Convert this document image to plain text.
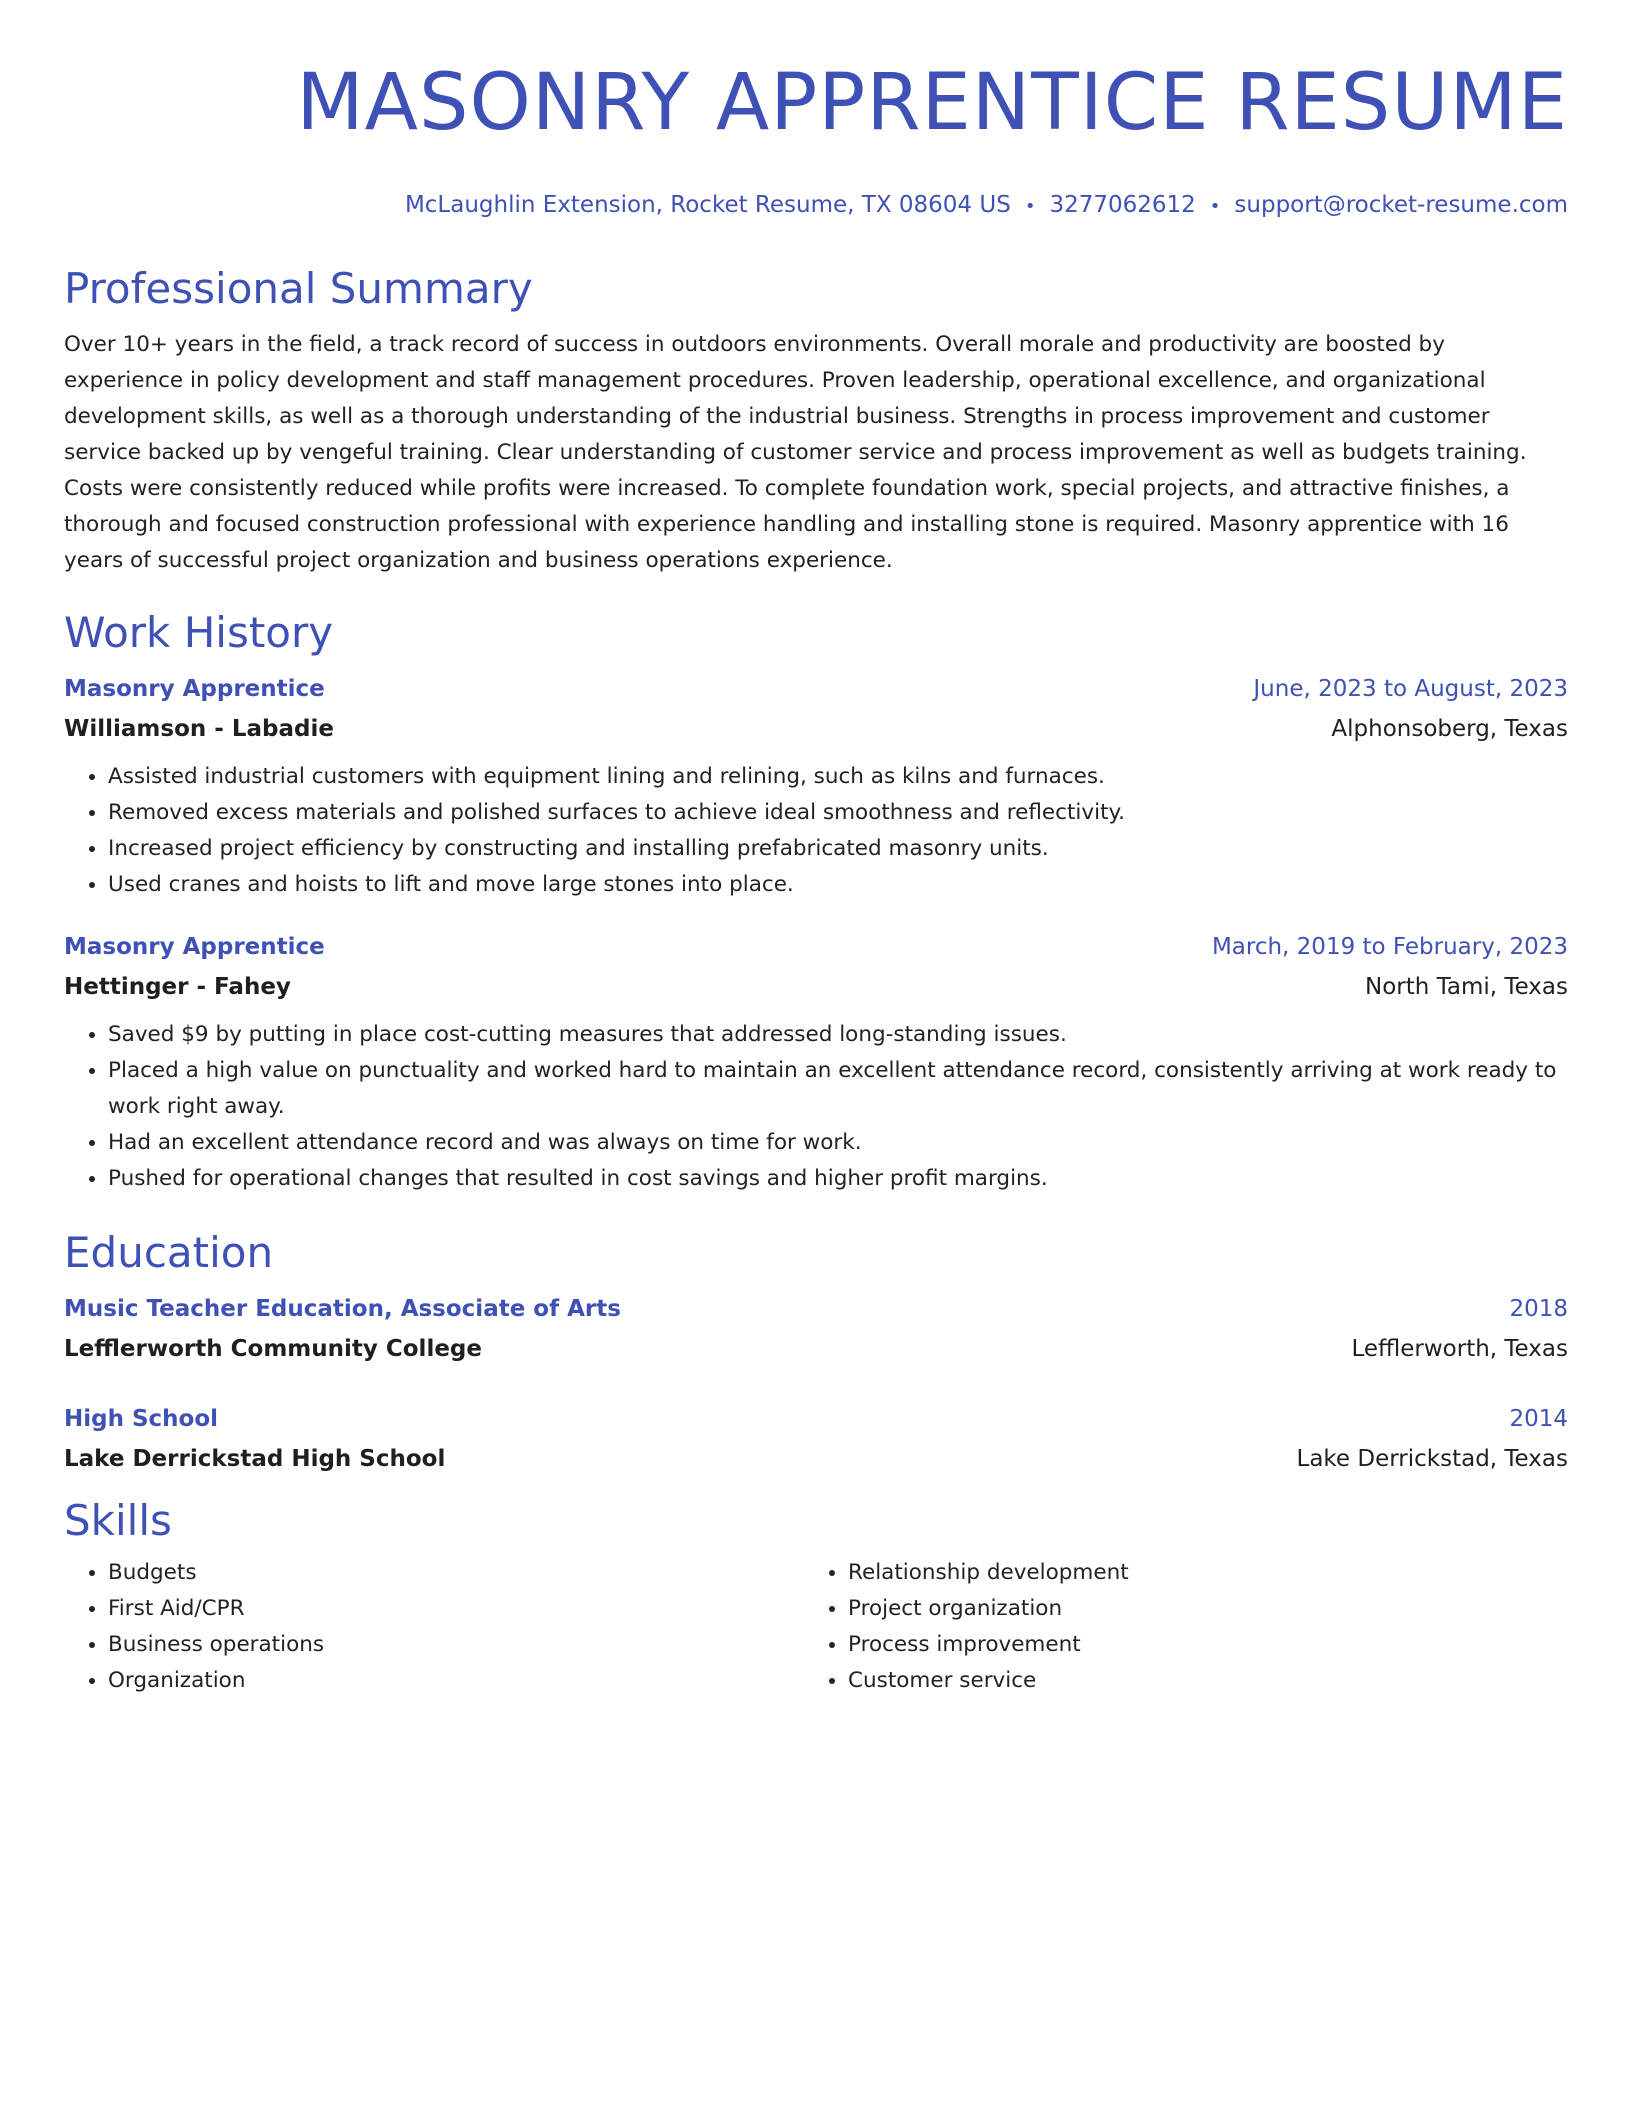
MASONRY APPRENTICE RESUME
McLaughlin Extension, Rocket Resume, TX 08604 US • 3277062612 • support@rocket-resume.com
Professional Summary
Over 10+ years in the field, a track record of success in outdoors environments. Overall morale and productivity are boosted by experience in policy development and staff management procedures. Proven leadership, operational excellence, and organizational development skills, as well as a thorough understanding of the industrial business. Strengths in process improvement and customer service backed up by vengeful training. Clear understanding of customer service and process improvement as well as budgets training. Costs were consistently reduced while profits were increased. To complete foundation work, special projects, and attractive finishes, a thorough and focused construction professional with experience handling and installing stone is required. Masonry apprentice with 16 years of successful project organization and business operations experience.
Work History
Masonry Apprentice	June, 2023 to August, 2023
Williamson - Labadie	Alphonsoberg, Texas
• Assisted industrial customers with equipment lining and relining, such as kilns and furnaces.
• Removed excess materials and polished surfaces to achieve ideal smoothness and reflectivity.
• Increased project efficiency by constructing and installing prefabricated masonry units.
• Used cranes and hoists to lift and move large stones into place.
Masonry Apprentice	March, 2019 to February, 2023
Hettinger - Fahey	North Tami, Texas
• Saved $9 by putting in place cost-cutting measures that addressed long-standing issues.
• Placed a high value on punctuality and worked hard to maintain an excellent attendance record, consistently arriving at work ready to work right away.
• Had an excellent attendance record and was always on time for work.
• Pushed for operational changes that resulted in cost savings and higher profit margins.
Education
Music Teacher Education, Associate of Arts	2018
Lefflerworth Community College	Lefflerworth, Texas
High School	2014
Lake Derrickstad High School	Lake Derrickstad, Texas
Skills
• Budgets
• First Aid/CPR
• Business operations
• Organization
• Relationship development
• Project organization
• Process improvement
• Customer service
